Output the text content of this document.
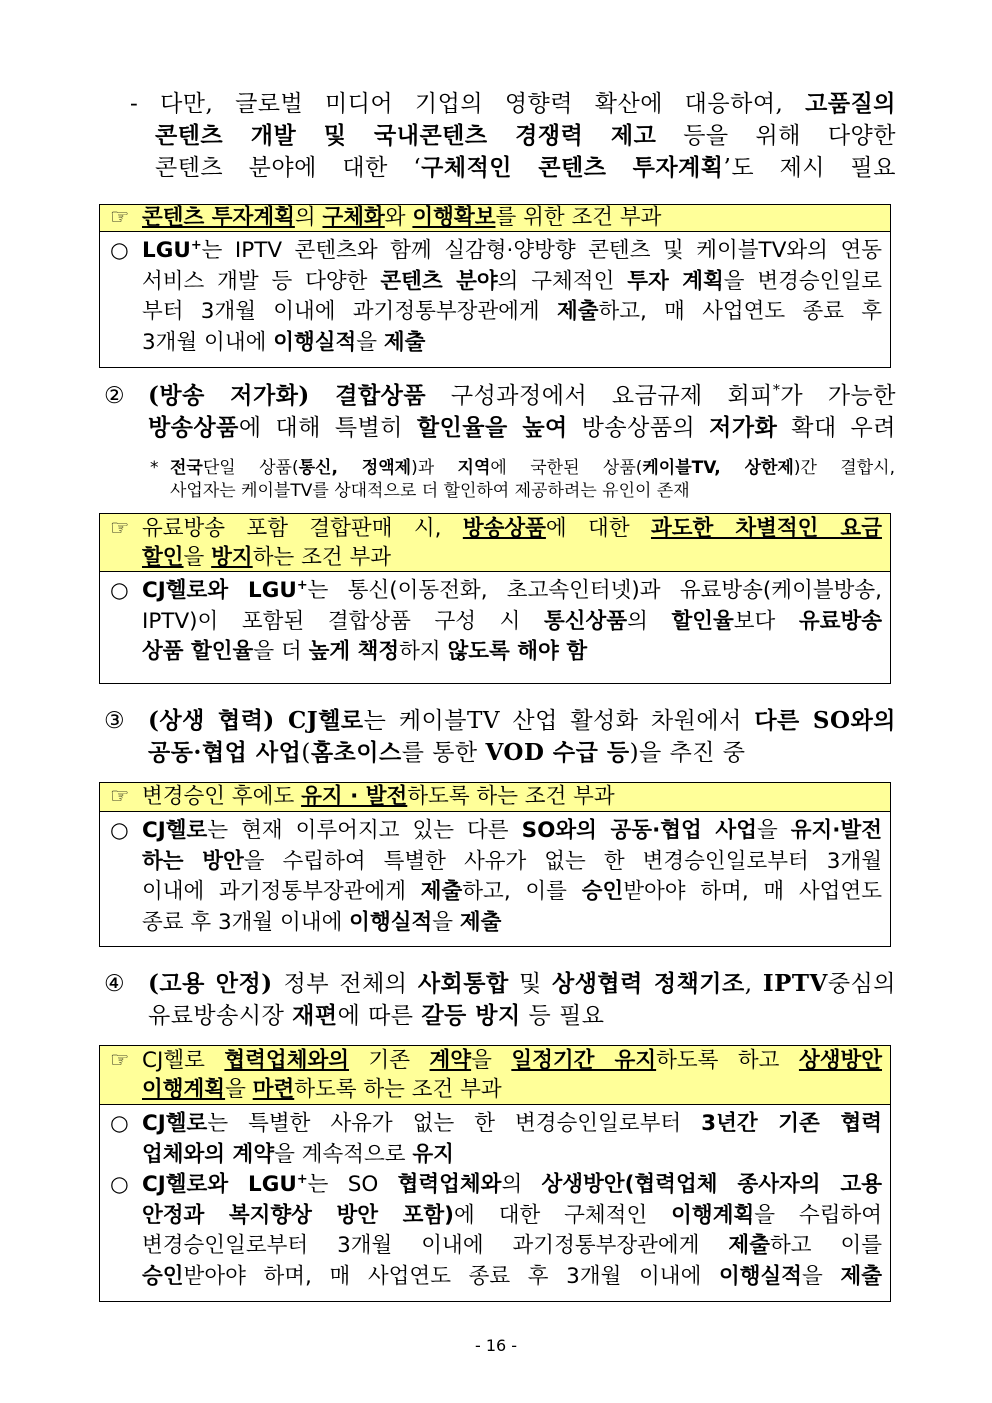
- 다만, 글로벌 미디어 기업의 영향력 확산에 대응하여, 고품질의
콘텐츠 개발 및 국내콘텐츠 경쟁력 제고 등을 위해 다양한
콘텐츠 분야에 대한 ‘구체적인 콘텐츠 투자계획’도 제시 필요
☞ 콘텐츠 투자계획의 구체화와 이행확보를 위한 조건 부과
○ LGU+는 IPTV 콘텐츠와 함께 실감형·양방향 콘텐츠 및 케이블TV와의 연동
서비스 개발 등 다양한 콘텐츠 분야의 구체적인 투자 계획을 변경승인일로
부터 3개월 이내에 과기정통부장관에게 제출하고, 매 사업연도 종료 후
3개월 이내에 이행실적을 제출
② (방송 저가화) 결합상품 구성과정에서 요금규제 회피*가 가능한
방송상품에 대해 특별히 할인율을 높여 방송상품의 저가화 확대 우려
* 전국단일 상품(통신, 정액제)과 지역에 국한된 상품(케이블TV, 상한제)간 결합시,
사업자는 케이블TV를 상대적으로 더 할인하여 제공하려는 유인이 존재
☞ 유료방송 포함 결합판매 시, 방송상품에 대한 과도한 차별적인 요금
할인을 방지하는 조건 부과
○ CJ헬로와 LGU+는 통신(이동전화, 초고속인터넷)과 유료방송(케이블방송,
IPTV)이 포함된 결합상품 구성 시 통신상품의 할인율보다 유료방송
상품 할인율을 더 높게 책정하지 않도록 해야 함
③ (상생 협력) CJ헬로는 케이블TV 산업 활성화 차원에서 다른 SO와의
공동·협업 사업(홈초이스를 통한 VOD 수급 등)을 추진 중
☞ 변경승인 후에도 유지 · 발전하도록 하는 조건 부과
○ CJ헬로는 현재 이루어지고 있는 다른 SO와의 공동·협업 사업을 유지·발전
하는 방안을 수립하여 특별한 사유가 없는 한 변경승인일로부터 3개월
이내에 과기정통부장관에게 제출하고, 이를 승인받아야 하며, 매 사업연도
종료 후 3개월 이내에 이행실적을 제출
④ (고용 안정) 정부 전체의 사회통합 및 상생협력 정책기조, IPTV중심의
유료방송시장 재편에 따른 갈등 방지 등 필요
☞ CJ헬로 협력업체와의 기존 계약을 일정기간 유지하도록 하고 상생방안
이행계획을 마련하도록 하는 조건 부과
○ CJ헬로는 특별한 사유가 없는 한 변경승인일로부터 3년간 기존 협력
업체와의 계약을 계속적으로 유지
○ CJ헬로와 LGU+는 SO 협력업체와의 상생방안(협력업체 종사자의 고용
안정과 복지향상 방안 포함)에 대한 구체적인 이행계획을 수립하여
변경승인일로부터 3개월 이내에 과기정통부장관에게 제출하고 이를
승인받아야 하며, 매 사업연도 종료 후 3개월 이내에 이행실적을 제출
- 16 -
